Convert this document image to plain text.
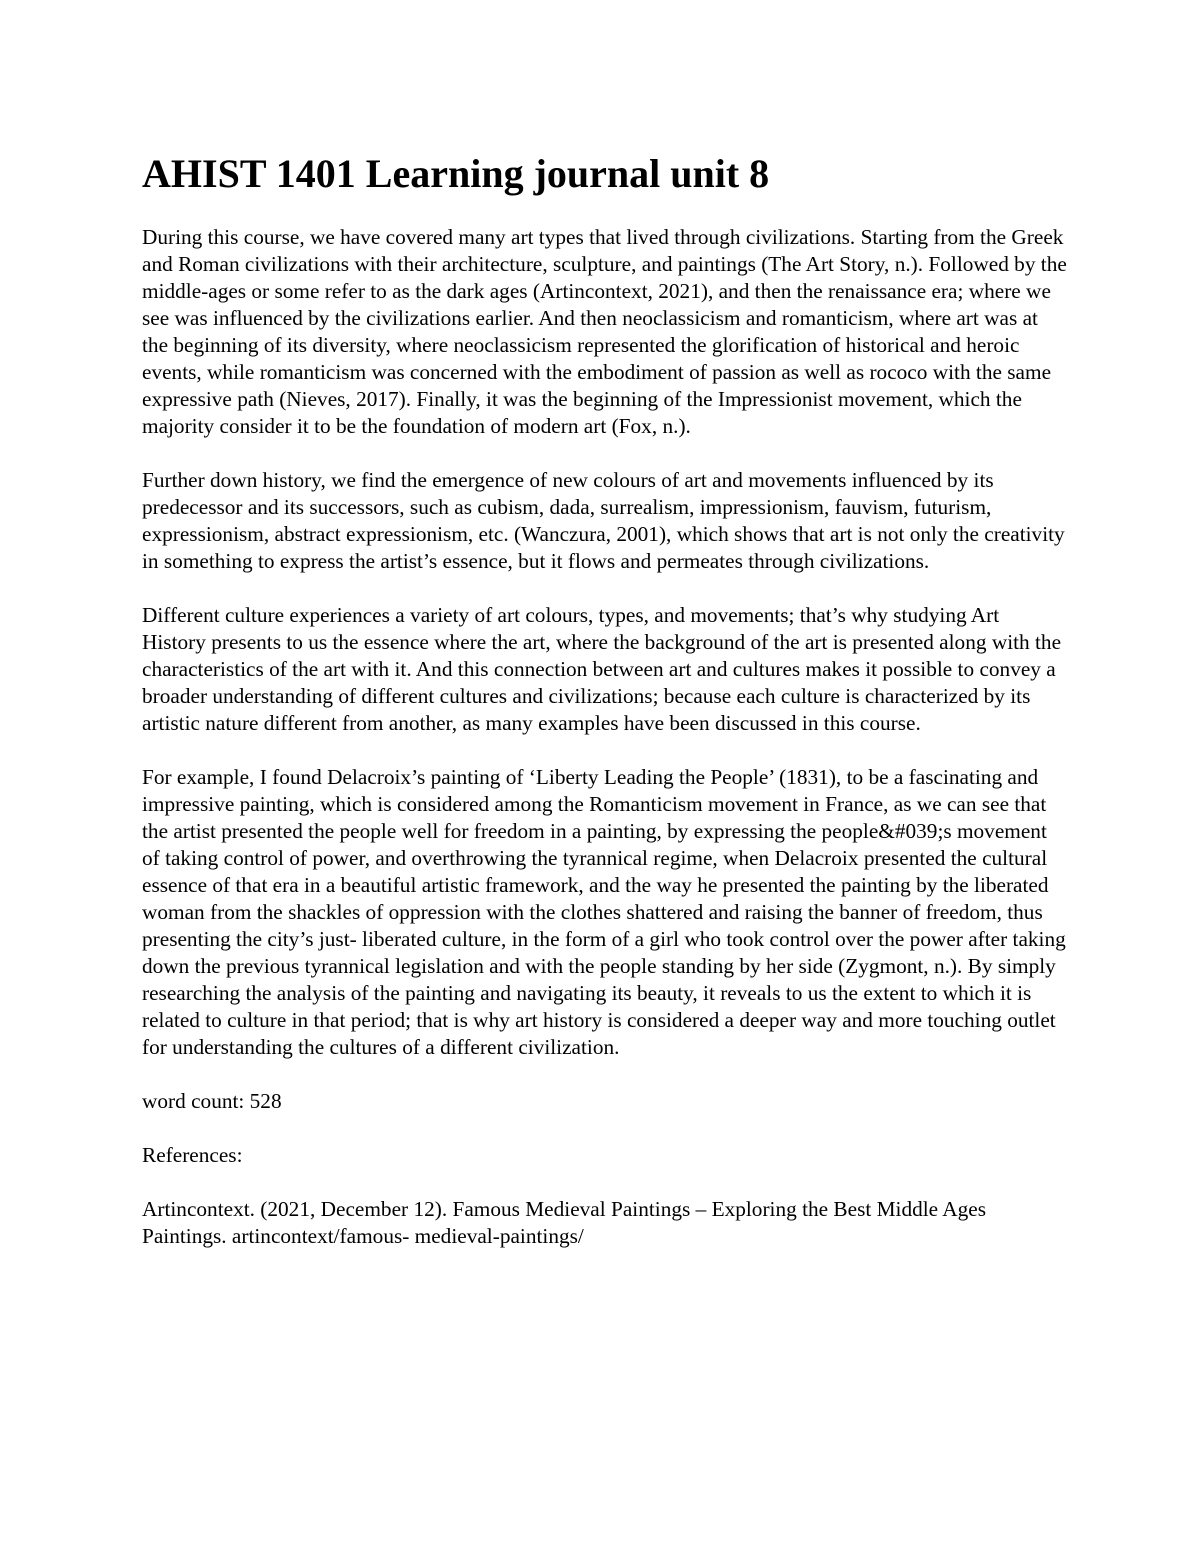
AHIST 1401 Learning journal unit 8

During this course, we have covered many art types that lived through civilizations. Starting from the Greek and Roman civilizations with their architecture, sculpture, and paintings (The Art Story, n.). Followed by the middle-ages or some refer to as the dark ages (Artincontext, 2021), and then the renaissance era; where we see was influenced by the civilizations earlier. And then neoclassicism and romanticism, where art was at the beginning of its diversity, where neoclassicism represented the glorification of historical and heroic events, while romanticism was concerned with the embodiment of passion as well as rococo with the same expressive path (Nieves, 2017). Finally, it was the beginning of the Impressionist movement, which the majority consider it to be the foundation of modern art (Fox, n.).

Further down history, we find the emergence of new colours of art and movements influenced by its predecessor and its successors, such as cubism, dada, surrealism, impressionism, fauvism, futurism, expressionism, abstract expressionism, etc. (Wanczura, 2001), which shows that art is not only the creativity in something to express the artist’s essence, but it flows and permeates through civilizations.

Different culture experiences a variety of art colours, types, and movements; that’s why studying Art History presents to us the essence where the art, where the background of the art is presented along with the characteristics of the art with it. And this connection between art and cultures makes it possible to convey a broader understanding of different cultures and civilizations; because each culture is characterized by its artistic nature different from another, as many examples have been discussed in this course.

For example, I found Delacroix’s painting of ‘Liberty Leading the People’ (1831), to be a fascinating and impressive painting, which is considered among the Romanticism movement in France, as we can see that the artist presented the people well for freedom in a painting, by expressing the people&#039;s movement of taking control of power, and overthrowing the tyrannical regime, when Delacroix presented the cultural essence of that era in a beautiful artistic framework, and the way he presented the painting by the liberated woman from the shackles of oppression with the clothes shattered and raising the banner of freedom, thus presenting the city’s just- liberated culture, in the form of a girl who took control over the power after taking down the previous tyrannical legislation and with the people standing by her side (Zygmont, n.). By simply researching the analysis of the painting and navigating its beauty, it reveals to us the extent to which it is related to culture in that period; that is why art history is considered a deeper way and more touching outlet for understanding the cultures of a different civilization.

word count: 528

References:

Artincontext. (2021, December 12). Famous Medieval Paintings – Exploring the Best Middle Ages Paintings. artincontext/famous- medieval-paintings/
